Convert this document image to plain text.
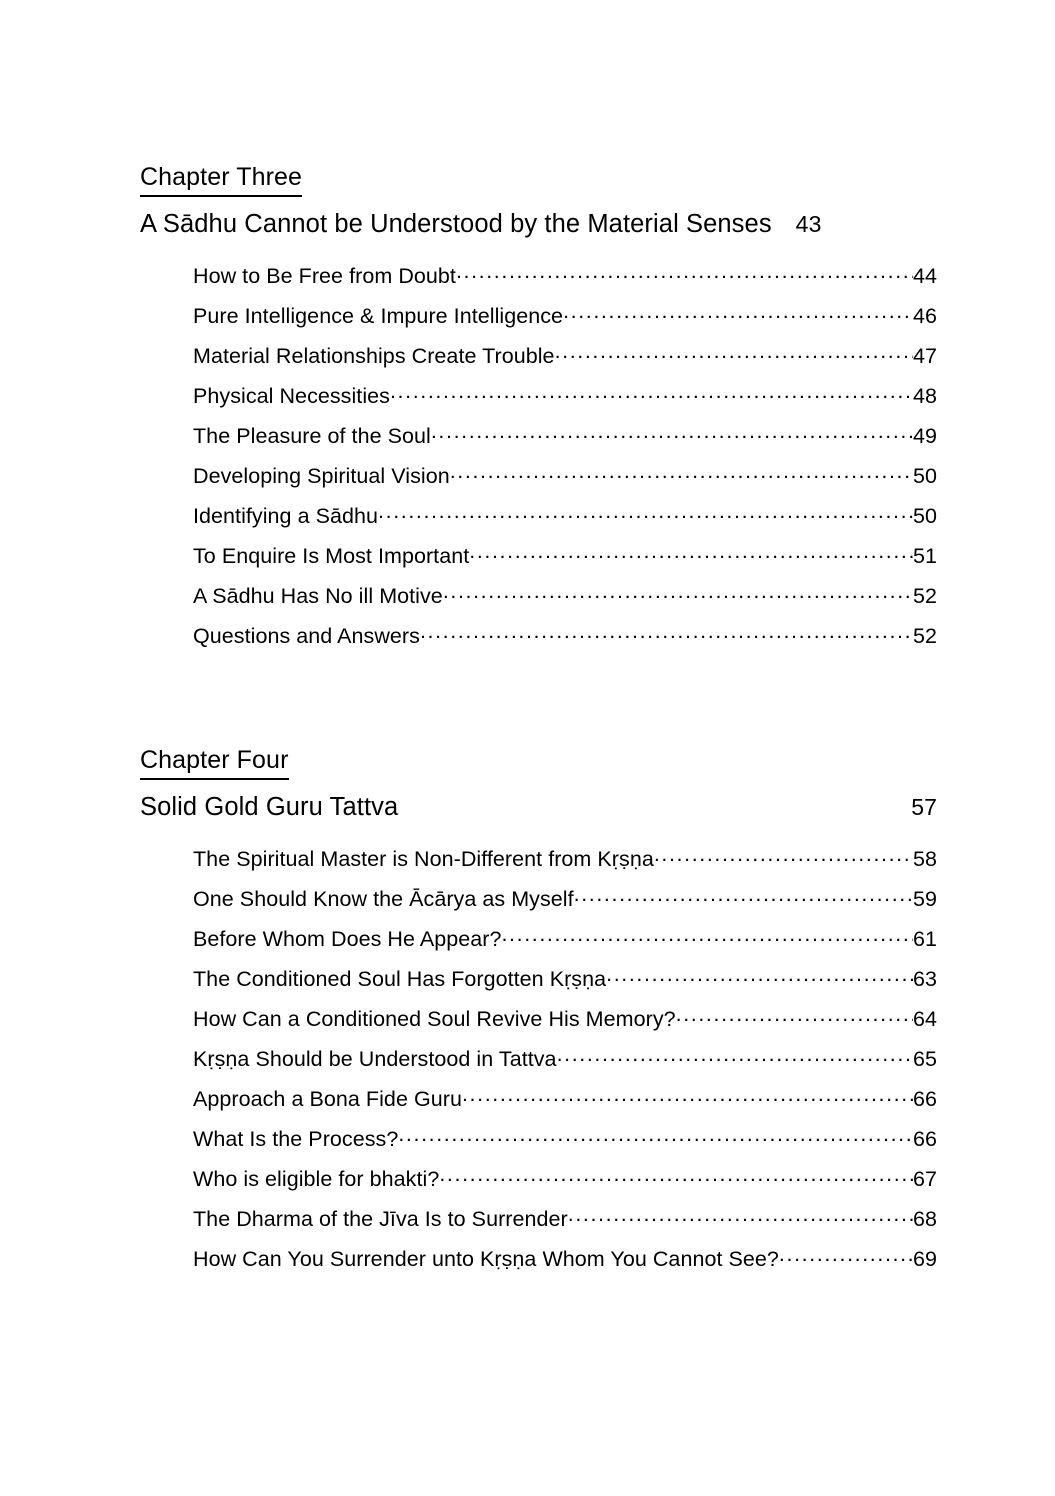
Chapter Three
A Sādhu Cannot be Understood by the Material Senses 43
How to Be Free from Doubt .....	44
Pure Intelligence & Impure Intelligence .....	46
Material Relationships Create Trouble .....	47
Physical Necessities .....	48
The Pleasure of the Soul .....	49
Developing Spiritual Vision .....	50
Identifying a Sādhu .....	50
To Enquire Is Most Important .....	51
A Sādhu Has No ill Motive .....	52
Questions and Answers .....	52
Chapter Four
Solid Gold Guru Tattva	57
The Spiritual Master is Non-Different from Kṛṣṇa .....	58
One Should Know the Ācārya as Myself .....	59
Before Whom Does He Appear? .....	61
The Conditioned Soul Has Forgotten Kṛṣṇa .....	63
How Can a Conditioned Soul Revive His Memory? .....	64
Kṛṣṇa Should be Understood in Tattva .....	65
Approach a Bona Fide Guru .....	66
What Is the Process? .....	66
Who is eligible for bhakti? .....	67
The Dharma of the Jīva Is to Surrender .....	68
How Can You Surrender unto Kṛṣṇa Whom You Cannot See? .....	69
